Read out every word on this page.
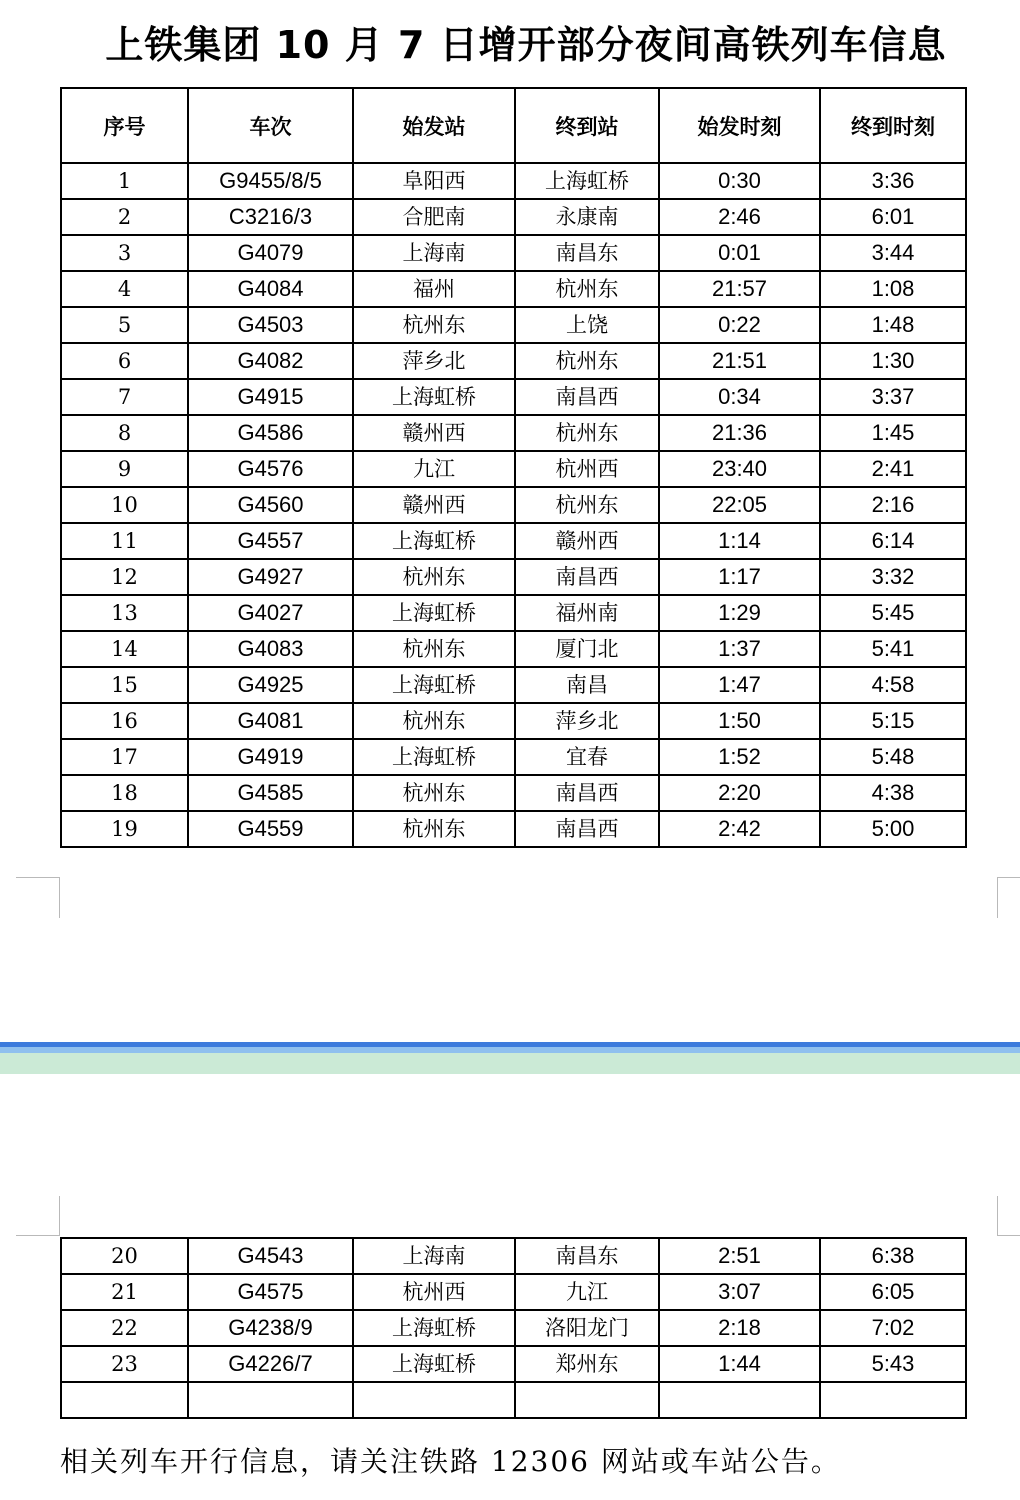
上铁集团 10 月 7 日增开部分夜间高铁列车信息
序号	车次	始发站	终到站	始发时刻	终到时刻
1	G9455/8/5	阜阳西	上海虹桥	0:30	3:36
2	C3216/3	合肥南	永康南	2:46	6:01
3	G4079	上海南	南昌东	0:01	3:44
4	G4084	福州	杭州东	21:57	1:08
5	G4503	杭州东	上饶	0:22	1:48
6	G4082	萍乡北	杭州东	21:51	1:30
7	G4915	上海虹桥	南昌西	0:34	3:37
8	G4586	赣州西	杭州东	21:36	1:45
9	G4576	九江	杭州西	23:40	2:41
10	G4560	赣州西	杭州东	22:05	2:16
11	G4557	上海虹桥	赣州西	1:14	6:14
12	G4927	杭州东	南昌西	1:17	3:32
13	G4027	上海虹桥	福州南	1:29	5:45
14	G4083	杭州东	厦门北	1:37	5:41
15	G4925	上海虹桥	南昌	1:47	4:58
16	G4081	杭州东	萍乡北	1:50	5:15
17	G4919	上海虹桥	宜春	1:52	5:48
18	G4585	杭州东	南昌西	2:20	4:38
19	G4559	杭州东	南昌西	2:42	5:00
20	G4543	上海南	南昌东	2:51	6:38
21	G4575	杭州西	九江	3:07	6:05
22	G4238/9	上海虹桥	洛阳龙门	2:18	7:02
23	G4226/7	上海虹桥	郑州东	1:44	5:43

相关列车开行信息，请关注铁路 12306 网站或车站公告。
